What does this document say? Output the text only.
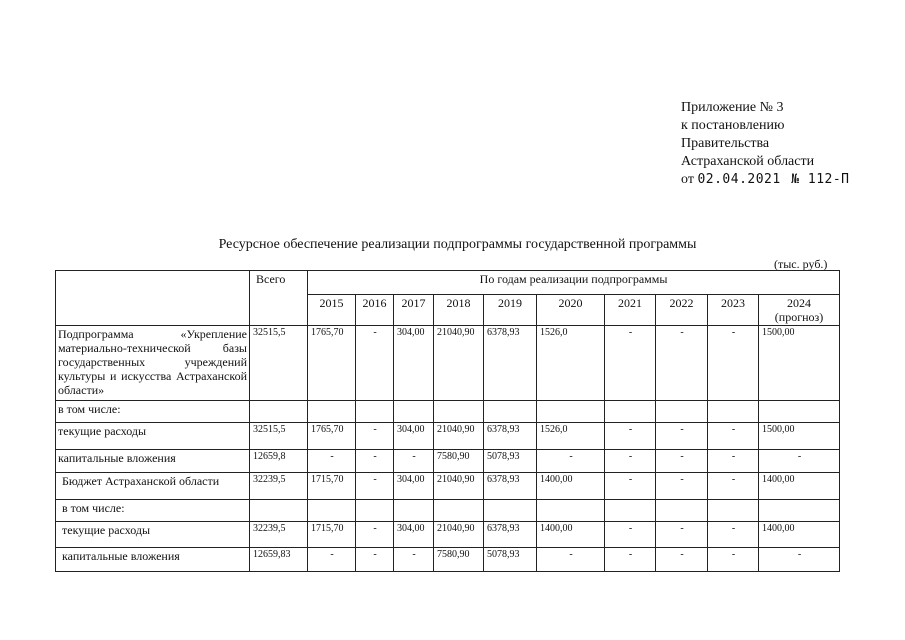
Приложение № 3
к постановлению
Правительства
Астраханской области
от 02.04.2021 № 112-П
Ресурсное обеспечение реализации подпрограммы государственной программы
(тыс. руб.)
	Всего	По годам реализации подпрограммы									
		2015	2016	2017	2018	2019	2020	2021	2022	2023	2024
(прогноз)

Подпрограмма «Укрепление материально-технической базы государственных учреждений культуры и искусства Астраханской области»	32515,5	1765,70	-	304,00	21040,90	6378,93	1526,0	-	-	-	1500,00
в том числе:											
текущие расходы	32515,5	1765,70	-	304,00	21040,90	6378,93	1526,0	-	-	-	1500,00
капитальные вложения	12659,8	-	-	-	7580,90	5078,93	-	-	-	-	-
Бюджет Астраханской области	32239,5	1715,70	-	304,00	21040,90	6378,93	1400,00	-	-	-	1400,00
в том числе:											
текущие расходы	32239,5	1715,70	-	304,00	21040,90	6378,93	1400,00	-	-	-	1400,00
капитальные вложения	12659,83	-	-	-	7580,90	5078,93	-	-	-	-	-
